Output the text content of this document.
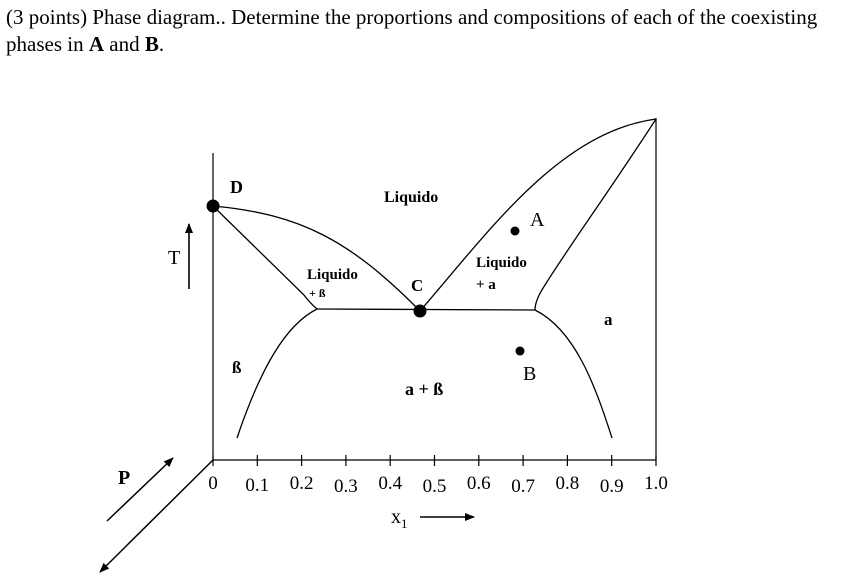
(3 points) Phase diagram.. Determine the proportions and compositions of each of the coexisting phases in A and B.

0 0.1 0.2 0.3 0.4 0.5 0.6 0.7 0.8 0.9 1.0
D
C
A
B
Liquido
Liquido
+ ß
Liquido
+ a
a
ß
a + ß
T
P
$x_1$
